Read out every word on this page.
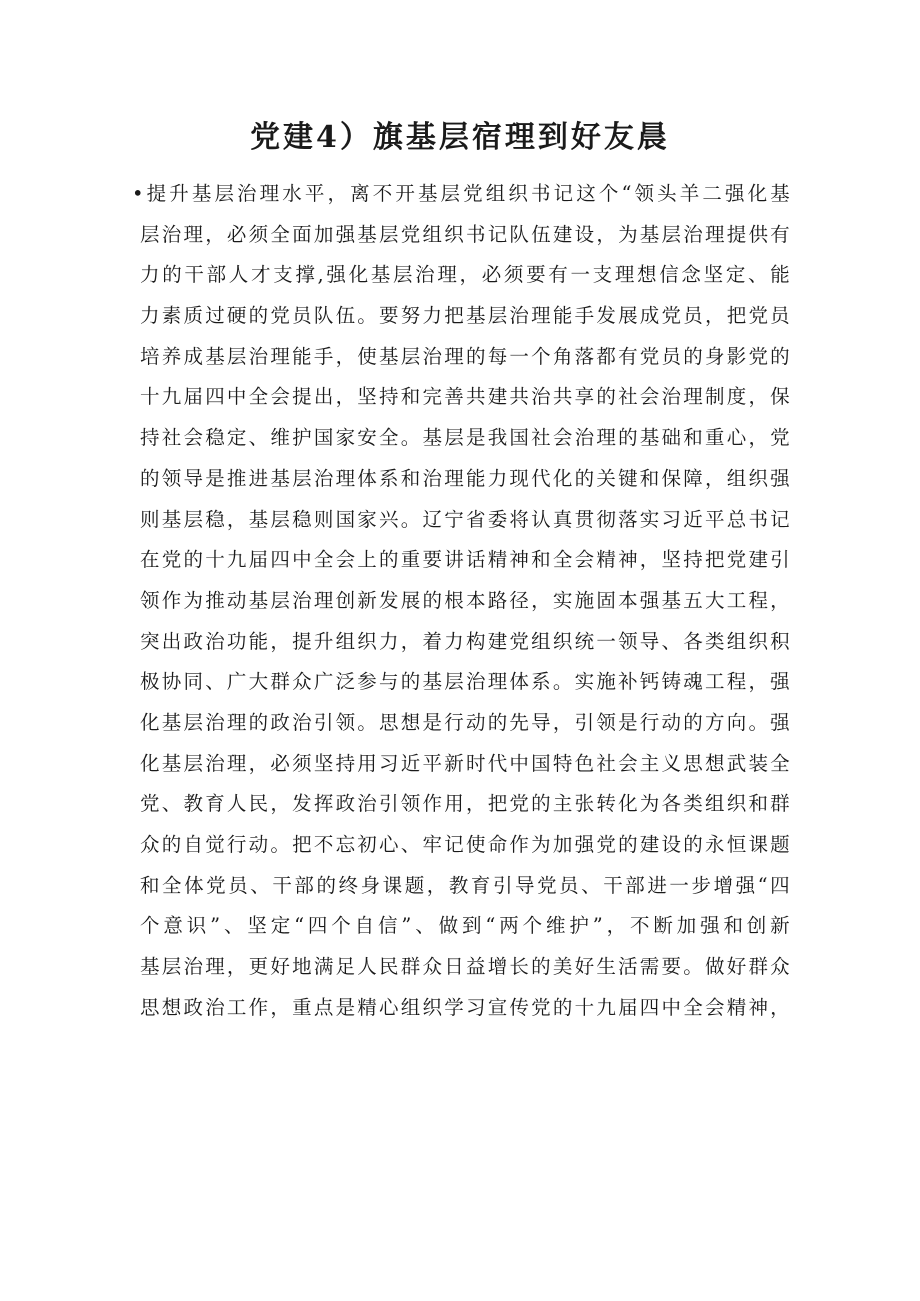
党建4）旗基层宿理到好友晨
•提升基层治理水平，离不开基层党组织书记这个“领头羊二强化基
层治理，必须全面加强基层党组织书记队伍建设，为基层治理提供有
力的干部人才支撑,强化基层治理，必须要有一支理想信念坚定、能
力素质过硬的党员队伍。要努力把基层治理能手发展成党员，把党员
培养成基层治理能手，使基层治理的每一个角落都有党员的身影党的
十九届四中全会提出，坚持和完善共建共治共享的社会治理制度，保
持社会稳定、维护国家安全。基层是我国社会治理的基础和重心，党
的领导是推进基层治理体系和治理能力现代化的关键和保障，组织强
则基层稳，基层稳则国家兴。辽宁省委将认真贯彻落实习近平总书记
在党的十九届四中全会上的重要讲话精神和全会精神，坚持把党建引
领作为推动基层治理创新发展的根本路径，实施固本强基五大工程，
突出政治功能，提升组织力，着力构建党组织统一领导、各类组织积
极协同、广大群众广泛参与的基层治理体系。实施补钙铸魂工程，强
化基层治理的政治引领。思想是行动的先导，引领是行动的方向。强
化基层治理，必须坚持用习近平新时代中国特色社会主义思想武装全
党、教育人民，发挥政治引领作用，把党的主张转化为各类组织和群
众的自觉行动。把不忘初心、牢记使命作为加强党的建设的永恒课题
和全体党员、干部的终身课题，教育引导党员、干部进一步增强“四
个意识”、坚定“四个自信”、做到“两个维护”，不断加强和创新
基层治理，更好地满足人民群众日益增长的美好生活需要。做好群众
思想政治工作，重点是精心组织学习宣传党的十九届四中全会精神，
